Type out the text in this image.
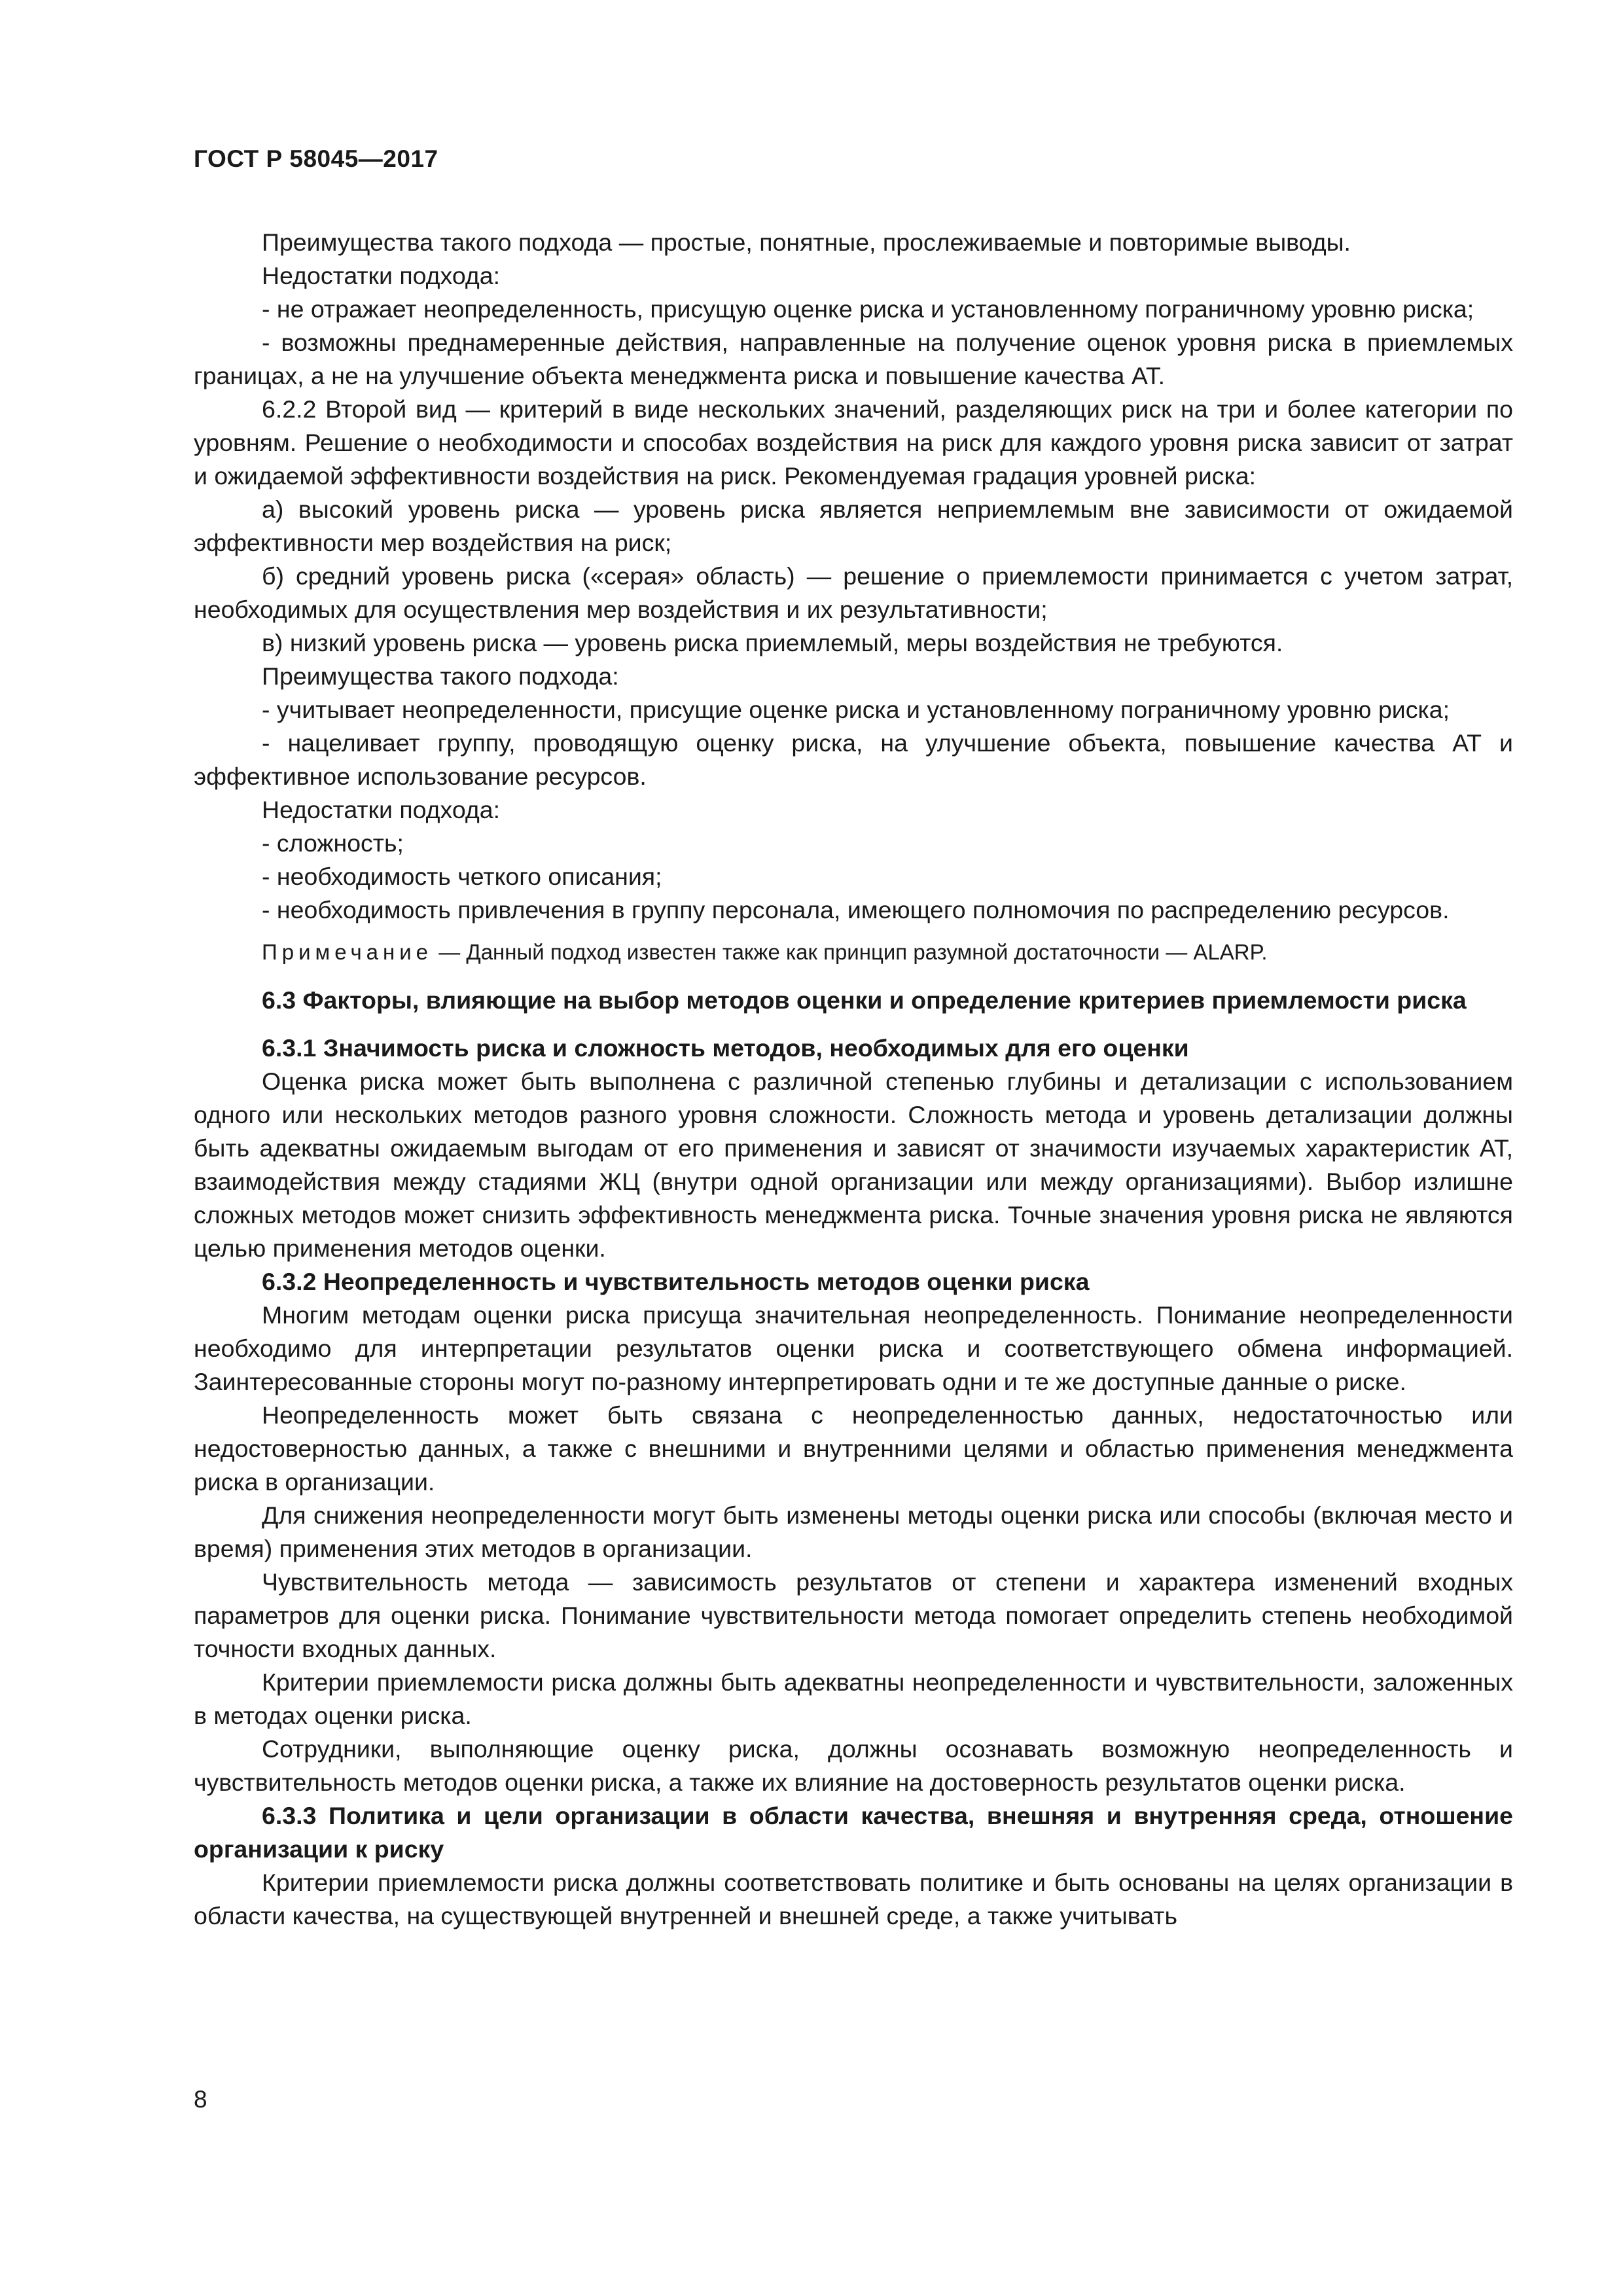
ГОСТ Р 58045—2017

Преимущества такого подхода — простые, понятные, прослеживаемые и повторимые выводы.

Недостатки подхода:

- не отражает неопределенность, присущую оценке риска и установленному пограничному уровню риска;

- возможны преднамеренные действия, направленные на получение оценок уровня риска в приемлемых границах, а не на улучшение объекта менеджмента риска и повышение качества АТ.

6.2.2 Второй вид — критерий в виде нескольких значений, разделяющих риск на три и более категории по уровням. Решение о необходимости и способах воздействия на риск для каждого уровня риска зависит от затрат и ожидаемой эффективности воздействия на риск. Рекомендуемая градация уровней риска:

а) высокий уровень риска — уровень риска является неприемлемым вне зависимости от ожидаемой эффективности мер воздействия на риск;

б) средний уровень риска («серая» область) — решение о приемлемости принимается с учетом затрат, необходимых для осуществления мер воздействия и их результативности;

в) низкий уровень риска — уровень риска приемлемый, меры воздействия не требуются.

Преимущества такого подхода:

- учитывает неопределенности, присущие оценке риска и установленному пограничному уровню риска;

- нацеливает группу, проводящую оценку риска, на улучшение объекта, повышение качества АТ и эффективное использование ресурсов.

Недостатки подхода:

- сложность;

- необходимость четкого описания;

- необходимость привлечения в группу персонала, имеющего полномочия по распределению ресурсов.

Примечание — Данный подход известен также как принцип разумной достаточности — ALARP.

6.3 Факторы, влияющие на выбор методов оценки и определение критериев приемлемости риска

6.3.1 Значимость риска и сложность методов, необходимых для его оценки

Оценка риска может быть выполнена с различной степенью глубины и детализации с использованием одного или нескольких методов разного уровня сложности. Сложность метода и уровень детализации должны быть адекватны ожидаемым выгодам от его применения и зависят от значимости изучаемых характеристик АТ, взаимодействия между стадиями ЖЦ (внутри одной организации или между организациями). Выбор излишне сложных методов может снизить эффективность менеджмента риска. Точные значения уровня риска не являются целью применения методов оценки.

6.3.2 Неопределенность и чувствительность методов оценки риска

Многим методам оценки риска присуща значительная неопределенность. Понимание неопределенности необходимо для интерпретации результатов оценки риска и соответствующего обмена информацией. Заинтересованные стороны могут по-разному интерпретировать одни и те же доступные данные о риске.

Неопределенность может быть связана с неопределенностью данных, недостаточностью или недостоверностью данных, а также с внешними и внутренними целями и областью применения менеджмента риска в организации.

Для снижения неопределенности могут быть изменены методы оценки риска или способы (включая место и время) применения этих методов в организации.

Чувствительность метода — зависимость результатов от степени и характера изменений входных параметров для оценки риска. Понимание чувствительности метода помогает определить степень необходимой точности входных данных.

Критерии приемлемости риска должны быть адекватны неопределенности и чувствительности, заложенных в методах оценки риска.

Сотрудники, выполняющие оценку риска, должны осознавать возможную неопределенность и чувствительность методов оценки риска, а также их влияние на достоверность результатов оценки риска.

6.3.3 Политика и цели организации в области качества, внешняя и внутренняя среда, отношение организации к риску

Критерии приемлемости риска должны соответствовать политике и быть основаны на целях организации в области качества, на существующей внутренней и внешней среде, а также учитывать

8
